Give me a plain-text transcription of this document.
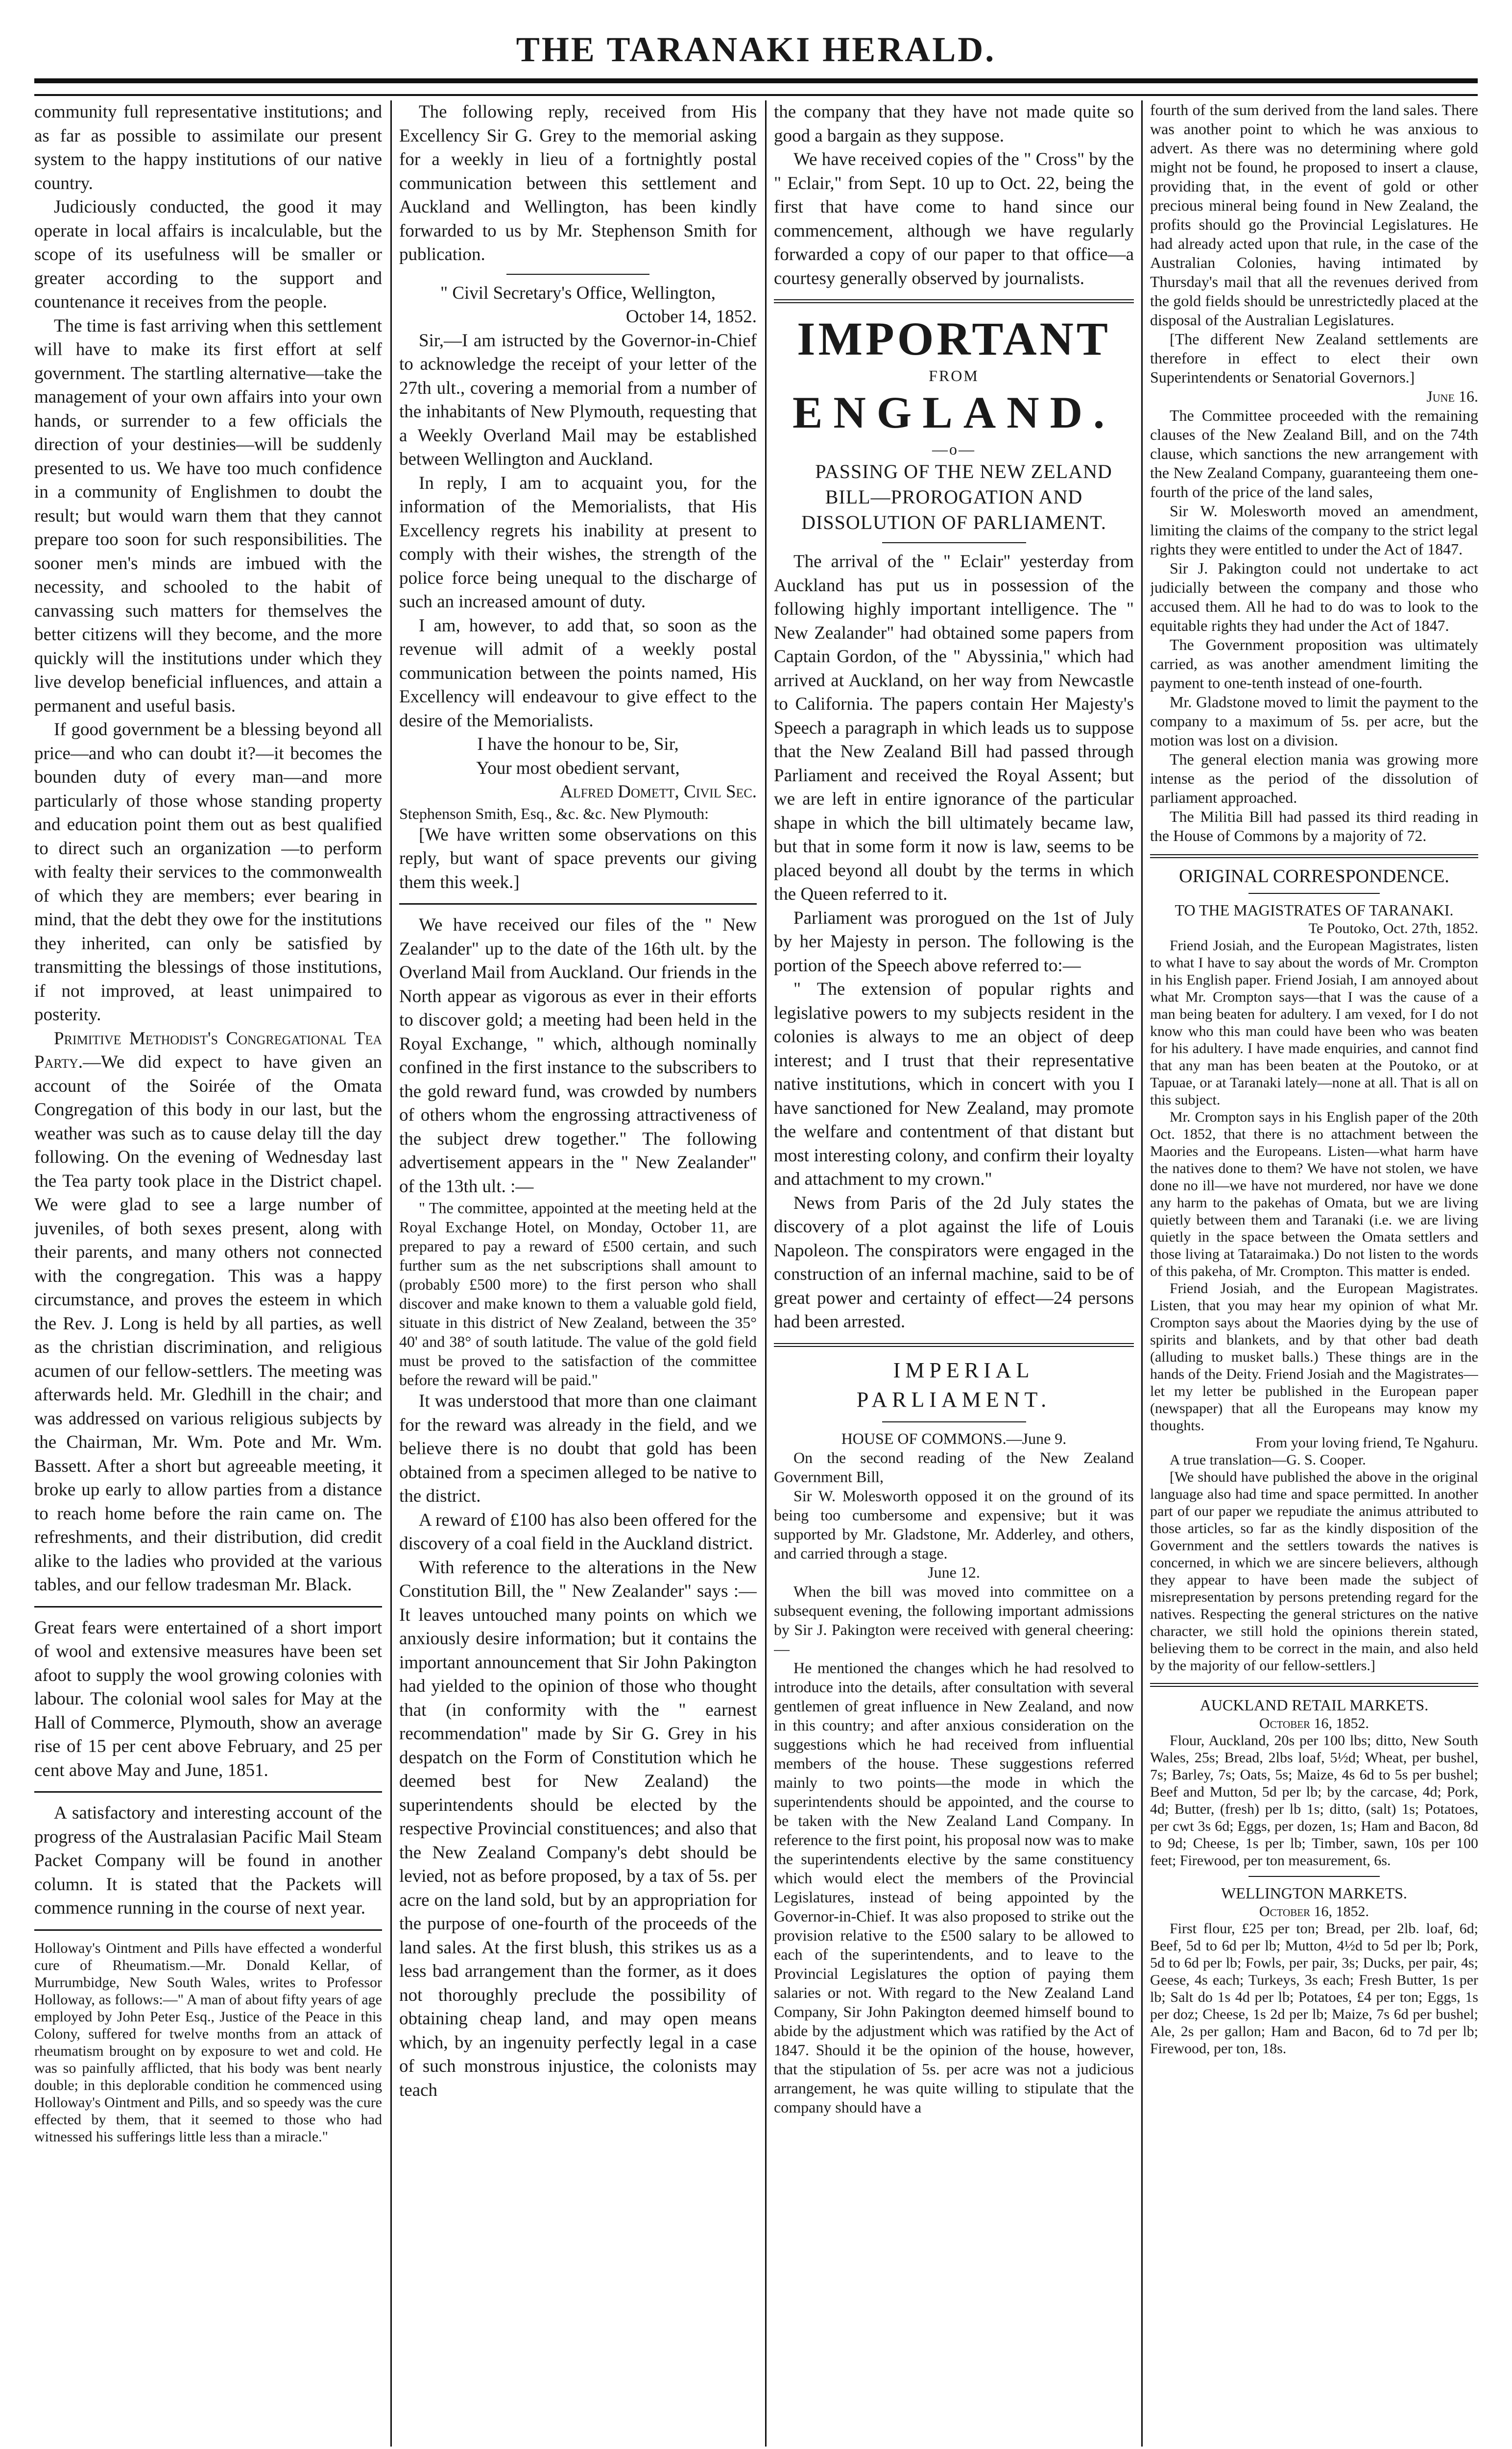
THE TARANAKI HERALD.

community full representative institutions; and as far as possible to assimilate our present system to the happy institutions of our native country.

Judiciously conducted, the good it may operate in local affairs is incalculable, but the scope of its usefulness will be smaller or greater according to the support and countenance it receives from the people.

The time is fast arriving when this settlement will have to make its first effort at self government. The startling alternative—take the management of your own affairs into your own hands, or surrender to a few officials the direction of your destinies—will be suddenly presented to us. We have too much confidence in a community of Englishmen to doubt the result; but would warn them that they cannot prepare too soon for such responsibilities. The sooner men's minds are imbued with the necessity, and schooled to the habit of canvassing such matters for themselves the better citizens will they become, and the more quickly will the institutions under which they live develop beneficial influences, and attain a permanent and useful basis.

If good government be a blessing beyond all price—and who can doubt it?—it becomes the bounden duty of every man—and more particularly of those whose standing property and education point them out as best qualified to direct such an organization —to perform with fealty their services to the commonwealth of which they are members; ever bearing in mind, that the debt they owe for the institutions they inherited, can only be satisfied by transmitting the blessings of those institutions, if not improved, at least unimpaired to posterity.

Primitive Methodist's Congregational Tea Party.—We did expect to have given an account of the Soirée of the Omata Congregation of this body in our last, but the weather was such as to cause delay till the day following. On the evening of Wednesday last the Tea party took place in the District chapel. We were glad to see a large number of juveniles, of both sexes present, along with their parents, and many others not connected with the congregation. This was a happy circumstance, and proves the esteem in which the Rev. J. Long is held by all parties, as well as the christian discrimination, and religious acumen of our fellow-settlers. The meeting was afterwards held. Mr. Gledhill in the chair; and was addressed on various religious subjects by the Chairman, Mr. Wm. Pote and Mr. Wm. Bassett. After a short but agreeable meeting, it broke up early to allow parties from a distance to reach home before the rain came on. The refreshments, and their distribution, did credit alike to the ladies who provided at the various tables, and our fellow tradesman Mr. Black.

Great fears were entertained of a short import of wool and extensive measures have been set afoot to supply the wool growing colonies with labour. The colonial wool sales for May at the Hall of Commerce, Plymouth, show an average rise of 15 per cent above February, and 25 per cent above May and June, 1851.

A satisfactory and interesting account of the progress of the Australasian Pacific Mail Steam Packet Company will be found in another column. It is stated that the Packets will commence running in the course of next year.

Holloway's Ointment and Pills have effected a wonderful cure of Rheumatism.—Mr. Donald Kellar, of Murrumbidge, New South Wales, writes to Professor Holloway, as follows:—" A man of about fifty years of age employed by John Peter Esq., Justice of the Peace in this Colony, suffered for twelve months from an attack of rheumatism brought on by exposure to wet and cold. He was so painfully afflicted, that his body was bent nearly double; in this deplorable condition he commenced using Holloway's Ointment and Pills, and so speedy was the cure effected by them, that it seemed to those who had witnessed his sufferings little less than a miracle."

The following reply, received from His Excellency Sir G. Grey to the memorial asking for a weekly in lieu of a fortnightly postal communication between this settlement and Auckland and Wellington, has been kindly forwarded to us by Mr. Stephenson Smith for publication.

" Civil Secretary's Office, Wellington,

October 14, 1852.

Sir,—I am istructed by the Governor-in-Chief to acknowledge the receipt of your letter of the 27th ult., covering a memorial from a number of the inhabitants of New Plymouth, requesting that a Weekly Overland Mail may be established between Wellington and Auckland.

In reply, I am to acquaint you, for the information of the Memorialists, that His Excellency regrets his inability at present to comply with their wishes, the strength of the police force being unequal to the discharge of such an increased amount of duty.

I am, however, to add that, so soon as the revenue will admit of a weekly postal communication between the points named, His Excellency will endeavour to give effect to the desire of the Memorialists.

I have the honour to be, Sir,

Your most obedient servant,

Alfred Domett, Civil Sec.

Stephenson Smith, Esq., &c. &c. New Plymouth:

[We have written some observations on this reply, but want of space prevents our giving them this week.]

We have received our files of the " New Zealander" up to the date of the 16th ult. by the Overland Mail from Auckland. Our friends in the North appear as vigorous as ever in their efforts to discover gold; a meeting had been held in the Royal Exchange, " which, although nominally confined in the first instance to the subscribers to the gold reward fund, was crowded by numbers of others whom the engrossing attractiveness of the subject drew together." The following advertisement appears in the " New Zealander" of the 13th ult. :—

" The committee, appointed at the meeting held at the Royal Exchange Hotel, on Monday, October 11, are prepared to pay a reward of £500 certain, and such further sum as the net subscriptions shall amount to (probably £500 more) to the first person who shall discover and make known to them a valuable gold field, situate in this district of New Zealand, between the 35° 40' and 38° of south latitude. The value of the gold field must be proved to the satisfaction of the committee before the reward will be paid."

It was understood that more than one claimant for the reward was already in the field, and we believe there is no doubt that gold has been obtained from a specimen alleged to be native to the district.

A reward of £100 has also been offered for the discovery of a coal field in the Auckland district.

With reference to the alterations in the New Constitution Bill, the " New Zealander" says :—It leaves untouched many points on which we anxiously desire information; but it contains the important announcement that Sir John Pakington had yielded to the opinion of those who thought that (in conformity with the " earnest recommendation" made by Sir G. Grey in his despatch on the Form of Constitution which he deemed best for New Zealand) the superintendents should be elected by the respective Provincial constituences; and also that the New Zealand Company's debt should be levied, not as before proposed, by a tax of 5s. per acre on the land sold, but by an appropriation for the purpose of one-fourth of the proceeds of the land sales. At the first blush, this strikes us as a less bad arrangement than the former, as it does not thoroughly preclude the possibility of obtaining cheap land, and may open means which, by an ingenuity perfectly legal in a case of such monstrous injustice, the colonists may teach

the company that they have not made quite so good a bargain as they suppose.

We have received copies of the " Cross" by the " Eclair," from Sept. 10 up to Oct. 22, being the first that have come to hand since our commencement, although we have regularly forwarded a copy of our paper to that office—a courtesy generally observed by journalists.

IMPORTANT
FROM
ENGLAND.
—o—

PASSING OF THE NEW ZELAND BILL—PROROGATION AND DISSOLUTION OF PARLIAMENT.

The arrival of the " Eclair" yesterday from Auckland has put us in possession of the following highly important intelligence. The " New Zealander" had obtained some papers from Captain Gordon, of the " Abyssinia," which had arrived at Auckland, on her way from Newcastle to California. The papers contain Her Majesty's Speech a paragraph in which leads us to suppose that the New Zealand Bill had passed through Parliament and received the Royal Assent; but we are left in entire ignorance of the particular shape in which the bill ultimately became law, but that in some form it now is law, seems to be placed beyond all doubt by the terms in which the Queen referred to it.

Parliament was prorogued on the 1st of July by her Majesty in person. The following is the portion of the Speech above referred to:—

" The extension of popular rights and legislative powers to my subjects resident in the colonies is always to me an object of deep interest; and I trust that their representative native institutions, which in concert with you I have sanctioned for New Zealand, may promote the welfare and contentment of that distant but most interesting colony, and confirm their loyalty and attachment to my crown."

News from Paris of the 2d July states the discovery of a plot against the life of Louis Napoleon. The conspirators were engaged in the construction of an infernal machine, said to be of great power and certainty of effect—24 persons had been arrested.

IMPERIAL PARLIAMENT.

HOUSE OF COMMONS.—June 9.

On the second reading of the New Zealand Government Bill,

Sir W. Molesworth opposed it on the ground of its being too cumbersome and expensive; but it was supported by Mr. Gladstone, Mr. Adderley, and others, and carried through a stage.

June 12.

When the bill was moved into committee on a subsequent evening, the following important admissions by Sir J. Pakington were received with general cheering:—

He mentioned the changes which he had resolved to introduce into the details, after consultation with several gentlemen of great influence in New Zealand, and now in this country; and after anxious consideration on the suggestions which he had received from influential members of the house. These suggestions referred mainly to two points—the mode in which the superintendents should be appointed, and the course to be taken with the New Zealand Land Company. In reference to the first point, his proposal now was to make the superintendents elective by the same constituency which would elect the members of the Provincial Legislatures, instead of being appointed by the Governor-in-Chief. It was also proposed to strike out the provision relative to the £500 salary to be allowed to each of the superintendents, and to leave to the Provincial Legislatures the option of paying them salaries or not. With regard to the New Zealand Land Company, Sir John Pakington deemed himself bound to abide by the adjustment which was ratified by the Act of 1847. Should it be the opinion of the house, however, that the stipulation of 5s. per acre was not a judicious arrangement, he was quite willing to stipulate that the company should have a

fourth of the sum derived from the land sales. There was another point to which he was anxious to advert. As there was no determining where gold might not be found, he proposed to insert a clause, providing that, in the event of gold or other precious mineral being found in New Zealand, the profits should go the Provincial Legislatures. He had already acted upon that rule, in the case of the Australian Colonies, having intimated by Thursday's mail that all the revenues derived from the gold fields should be unrestrictedly placed at the disposal of the Australian Legislatures.

[The different New Zealand settlements are therefore in effect to elect their own Superintendents or Senatorial Governors.]

June 16.

The Committee proceeded with the remaining clauses of the New Zealand Bill, and on the 74th clause, which sanctions the new arrangement with the New Zealand Company, guaranteeing them one-fourth of the price of the land sales,

Sir W. Molesworth moved an amendment, limiting the claims of the company to the strict legal rights they were entitled to under the Act of 1847.

Sir J. Pakington could not undertake to act judicially between the company and those who accused them. All he had to do was to look to the equitable rights they had under the Act of 1847.

The Government proposition was ultimately carried, as was another amendment limiting the payment to one-tenth instead of one-fourth.

Mr. Gladstone moved to limit the payment to the company to a maximum of 5s. per acre, but the motion was lost on a division.

The general election mania was growing more intense as the period of the dissolution of parliament approached.

The Militia Bill had passed its third reading in the House of Commons by a majority of 72.

ORIGINAL CORRESPONDENCE.

TO THE MAGISTRATES OF TARANAKI.

Te Poutoko, Oct. 27th, 1852.

Friend Josiah, and the European Magistrates, listen to what I have to say about the words of Mr. Crompton in his English paper. Friend Josiah, I am annoyed about what Mr. Crompton says—that I was the cause of a man being beaten for adultery. I am vexed, for I do not know who this man could have been who was beaten for his adultery. I have made enquiries, and cannot find that any man has been beaten at the Poutoko, or at Tapuae, or at Taranaki lately—none at all. That is all on this subject.

Mr. Crompton says in his English paper of the 20th Oct. 1852, that there is no attachment between the Maories and the Europeans. Listen—what harm have the natives done to them? We have not stolen, we have done no ill—we have not murdered, nor have we done any harm to the pakehas of Omata, but we are living quietly between them and Taranaki (i.e. we are living quietly in the space between the Omata settlers and those living at Tataraimaka.) Do not listen to the words of this pakeha, of Mr. Crompton. This matter is ended.

Friend Josiah, and the European Magistrates. Listen, that you may hear my opinion of what Mr. Crompton says about the Maories dying by the use of spirits and blankets, and by that other bad death (alluding to musket balls.) These things are in the hands of the Deity. Friend Josiah and the Magistrates—let my letter be published in the European paper (newspaper) that all the Europeans may know my thoughts.

From your loving friend, Te Ngahuru.

A true translation—G. S. Cooper.

[We should have published the above in the original language also had time and space permitted. In another part of our paper we repudiate the animus attributed to those articles, so far as the kindly disposition of the Government and the settlers towards the natives is concerned, in which we are sincere believers, although they appear to have been made the subject of misrepresentation by persons pretending regard for the natives. Respecting the general strictures on the native character, we still hold the opinions therein stated, believing them to be correct in the main, and also held by the majority of our fellow-settlers.]

AUCKLAND RETAIL MARKETS.

October 16, 1852.

Flour, Auckland, 20s per 100 lbs; ditto, New South Wales, 25s; Bread, 2lbs loaf, 5½d; Wheat, per bushel, 7s; Barley, 7s; Oats, 5s; Maize, 4s 6d to 5s per bushel; Beef and Mutton, 5d per lb; by the carcase, 4d; Pork, 4d; Butter, (fresh) per lb 1s; ditto, (salt) 1s; Potatoes, per cwt 3s 6d; Eggs, per dozen, 1s; Ham and Bacon, 8d to 9d; Cheese, 1s per lb; Timber, sawn, 10s per 100 feet; Firewood, per ton measurement, 6s.

WELLINGTON MARKETS.

October 16, 1852.

First flour, £25 per ton; Bread, per 2lb. loaf, 6d; Beef, 5d to 6d per lb; Mutton, 4½d to 5d per lb; Pork, 5d to 6d per lb; Fowls, per pair, 3s; Ducks, per pair, 4s; Geese, 4s each; Turkeys, 3s each; Fresh Butter, 1s per lb; Salt do 1s 4d per lb; Potatoes, £4 per ton; Eggs, 1s per doz; Cheese, 1s 2d per lb; Maize, 7s 6d per bushel; Ale, 2s per gallon; Ham and Bacon, 6d to 7d per lb; Firewood, per ton, 18s.
